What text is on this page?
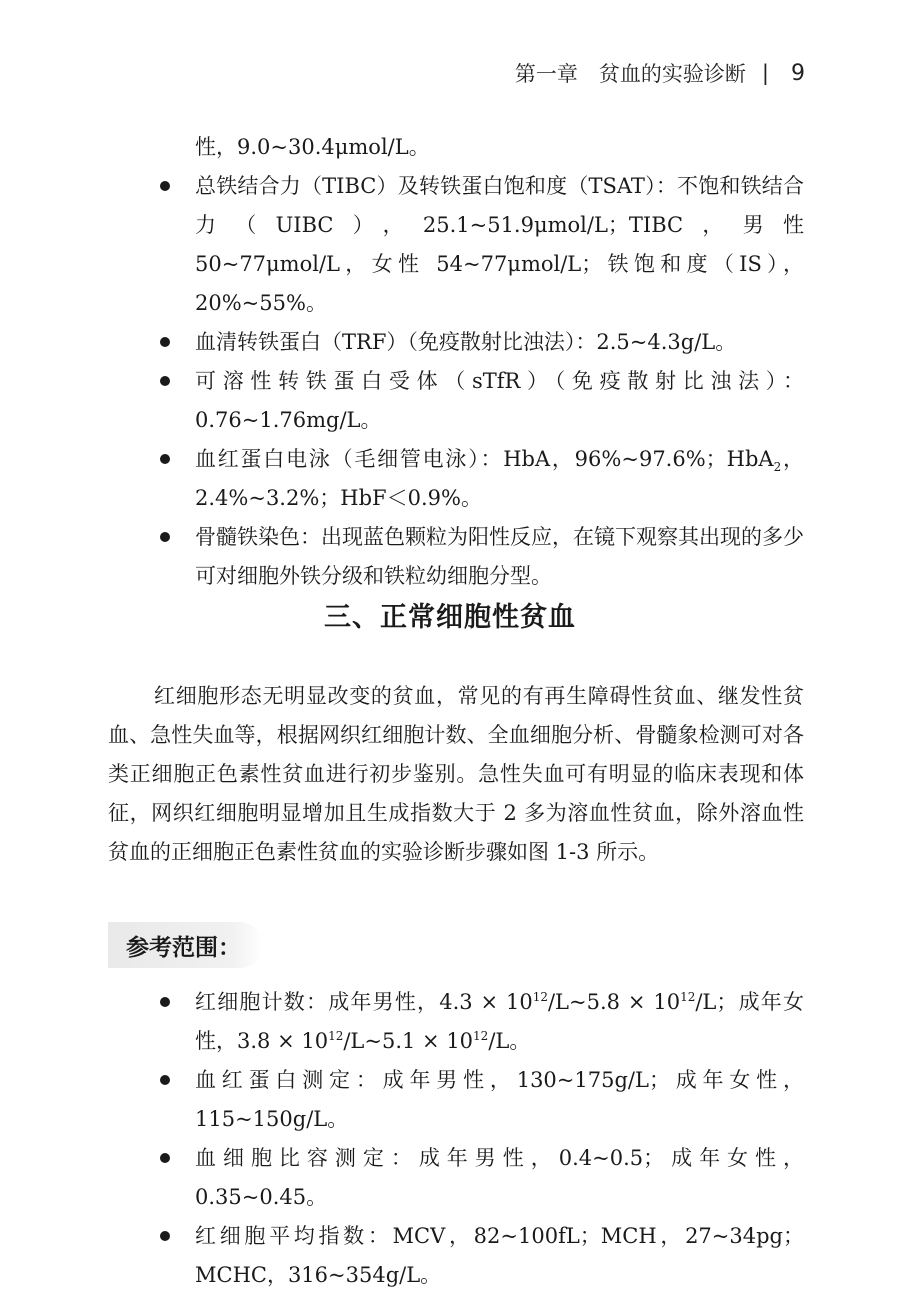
第一章　贫血的实验诊断 | 9
性，9.0~30.4μmol/L。
总铁结合力（TIBC）及转铁蛋白饱和度（TSAT）：不饱和铁结合力（UIBC），25.1~51.9μmol/L；TIBC，男性 50~77μmol/L，女性 54~77μmol/L；铁饱和度（IS），20%~55%。
血清转铁蛋白（TRF）（免疫散射比浊法）：2.5~4.3g/L。
可溶性转铁蛋白受体（sTfR）（免疫散射比浊法）：0.76~1.76mg/L。
血红蛋白电泳（毛细管电泳）：HbA，96%~97.6%；HbA$_2$，2.4%~3.2%；HbF＜0.9%。
骨髓铁染色：出现蓝色颗粒为阳性反应，在镜下观察其出现的多少可对细胞外铁分级和铁粒幼细胞分型。
三、正常细胞性贫血
红细胞形态无明显改变的贫血，常见的有再生障碍性贫血、继发性贫血、急性失血等，根据网织红细胞计数、全血细胞分析、骨髓象检测可对各类正细胞正色素性贫血进行初步鉴别。急性失血可有明显的临床表现和体征，网织红细胞明显增加且生成指数大于 2 多为溶血性贫血，除外溶血性贫血的正细胞正色素性贫血的实验诊断步骤如图 1-3 所示。
参考范围：
红细胞计数：成年男性，$4.3 \times 10^{12}/L\sim 5.8 \times 10^{12}/L$；成年女性，$3.8 \times 10^{12}/L\sim 5.1 \times 10^{12}/L$。
血红蛋白测定：成年男性，130~175g/L；成年女性，115~150g/L。
血细胞比容测定：成年男性，0.4~0.5；成年女性，0.35~0.45。
红细胞平均指数：MCV，82~100fL；MCH，27~34pg；MCHC，316~354g/L。
